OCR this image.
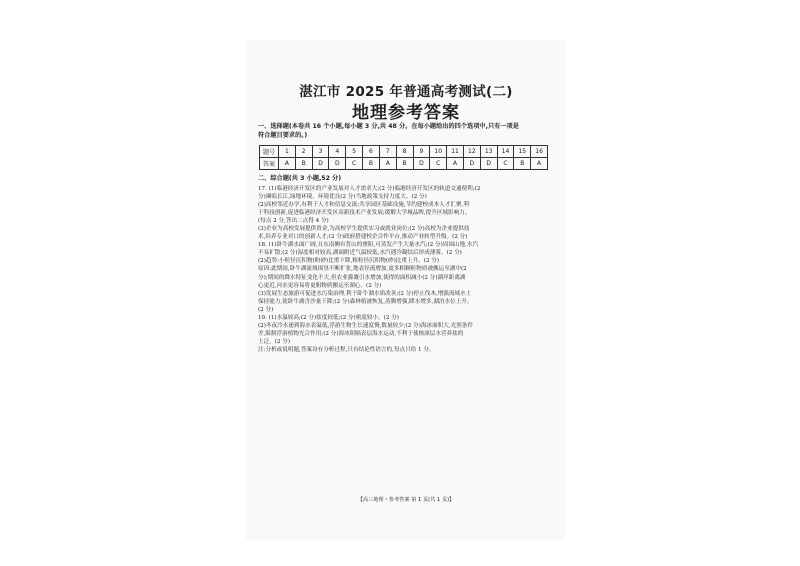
湛江市 2025 年普通高考测试(二)
地理参考答案
一、选择题(本卷共 16 个小题,每小题 3 分,共 48 分。在每小题给出的四个选项中,只有一项是
符合题目要求的。)
题号	1	2	3	4	5	6	7	8	9	10	11	12	13	14	15	16
答案	A	B	D	D	C	B	A	B	D	C	A	D	D	C	B	A
二、综合题(共 3 小题,52 分)

17. (1)临港经济开发区的产业发展对人才需求大;(2 分)临港经济开发区的轨道交通便利;(2

分)濒临长江,绿地环境、环境优良(2 分)当地政策支持力度大。(2 分)

(2)高校邻近办学,有利于人才和信息交流;共享园区基础设施,节约建校成本人才汇聚,利

于科技创新,促进临港经济开发区高新技术产业发展;缓解大学城品牌,提升区域影响力。

(每点 2 分,答出二点得 4 分)

(3)企业为高校发展提供资金,为高校学生提供实习或就业岗位;(2 分)高校为企业提供技

术,培养专业对口的创新人才;(2 分)政府搭建校企合作平台,推动产业转型升级。(2 分)

18. (1)卧牛湖水面广阔,且东南侧有背山的壅阻,可蒸发产生大量水汽;(2 分)周围山地,水汽

不易扩散;(2 分)湿度相对较高,湖面附近气温较低,水汽遇冷凝结后形成薄雾。(2 分)

(2)趋势:小粒径沉积物(粉砂)比重下降,粗粒径沉积物(砂)比重上升。(2 分)

原因:此期间,卧牛湖流域围垦不断扩张,地表径流增加,更多粗颗粒物质被搬运至湖中(2

分);期间的降水特征变化不大,但农业灌溉引水增加,使得的面积减小(2 分)湖岸距离湖

心更近,河水更容易将更粗物质搬运至湖心。(2 分)

(3)发展生态旅游可促进水污染治理,利于卧牛湖水质改善;(2 分)停止伐木,增强流域水土

保持能力,使卧牛湖含沙量下降;(2 分)森林植被恢复,蒸腾增强,降水增多,湖泊水位上升。

(2 分)

19. (1)水温较高;(2 分)盐度较低;(2 分)密度较小。(2 分)

(2)冬夜冷水递到海水表温低,浮游生物生长速度慢,数量较少;(2 分)海冰面积大,光照条件

差,限制浮游植物光合作用;(2 分)海冰阻隔表层海水运动,不利于使核深层水营养盐的

上泛。(2 分)

注:分析或说明题,答案设有分析过程,只有结论性语言的,每点只给 1 分。

【高三地理・参考答案 第 1 页(共 1 页)】
